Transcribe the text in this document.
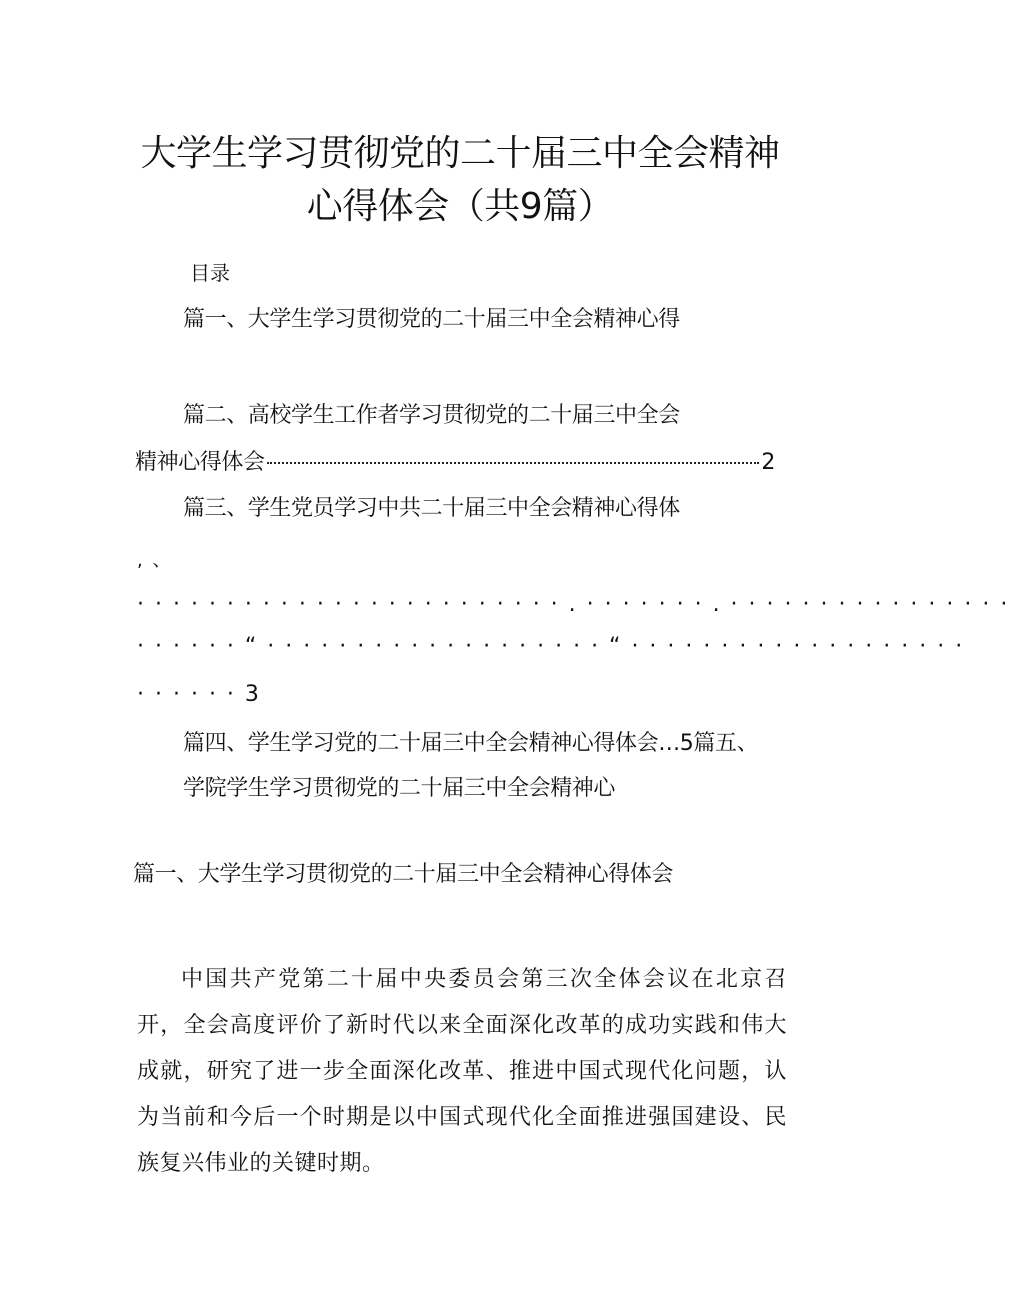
大学生学习贯彻党的二十届三中全会精神
心得体会（共9篇）
目录
篇一、大学生学习贯彻党的二十届三中全会精神心得
篇二、高校学生工作者学习贯彻党的二十届三中全会
精神心得体会	2
篇三、学生党员学习中共二十届三中全会精神心得体
, 、
· · · · · · · · · · · · · · · · · · · · · · · · . · · · · · · · . · · · · · · · · · · · · · · · ·
· · · · · · “ · · · · · · · · · · · · · · · · · · · “ · · · · · · · · · · · · · · · · · · ·
· · · · · · 3
篇四、学生学习党的二十届三中全会精神心得体会…5篇五、
学院学生学习贯彻党的二十届三中全会精神心
篇一、大学生学习贯彻党的二十届三中全会精神心得体会
中国共产党第二十届中央委员会第三次全体会议在北京召开，全会高度评价了新时代以来全面深化改革的成功实践和伟大成就，研究了进一步全面深化改革、推进中国式现代化问题，认为当前和今后一个时期是以中国式现代化全面推进强国建设、民族复兴伟业的关键时期。
